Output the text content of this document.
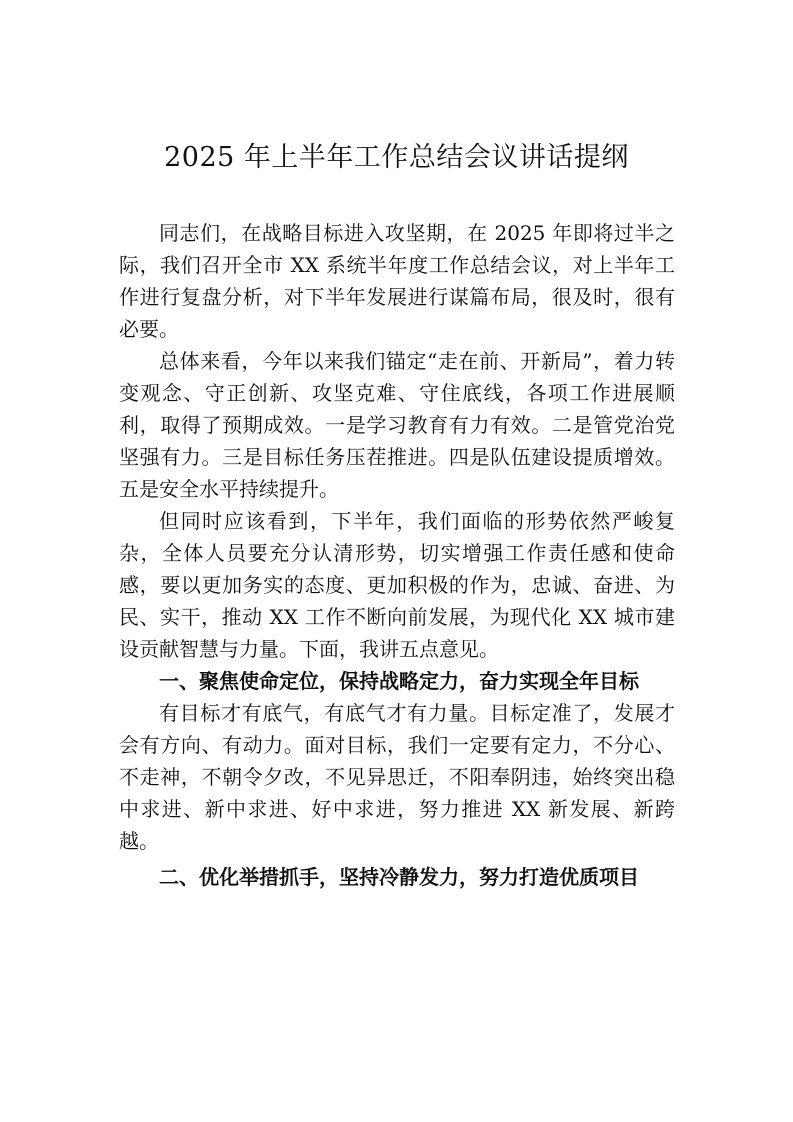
2025 年上半年工作总结会议讲话提纲

同志们，在战略目标进入攻坚期，在 2025 年即将过半之际，我们召开全市 XX 系统半年度工作总结会议，对上半年工作进行复盘分析，对下半年发展进行谋篇布局，很及时，很有必要。

总体来看，今年以来我们锚定“走在前、开新局”，着力转变观念、守正创新、攻坚克难、守住底线，各项工作进展顺利，取得了预期成效。一是学习教育有力有效。二是管党治党坚强有力。三是目标任务压茬推进。四是队伍建设提质增效。五是安全水平持续提升。

但同时应该看到，下半年，我们面临的形势依然严峻复杂，全体人员要充分认清形势，切实增强工作责任感和使命感，要以更加务实的态度、更加积极的作为，忠诚、奋进、为民、实干，推动 XX 工作不断向前发展，为现代化 XX 城市建设贡献智慧与力量。下面，我讲五点意见。

一、聚焦使命定位，保持战略定力，奋力实现全年目标

有目标才有底气，有底气才有力量。目标定准了，发展才会有方向、有动力。面对目标，我们一定要有定力，不分心、不走神，不朝令夕改，不见异思迁，不阳奉阴违，始终突出稳中求进、新中求进、好中求进，努力推进 XX 新发展、新跨越。

二、优化举措抓手，坚持冷静发力，努力打造优质项目
